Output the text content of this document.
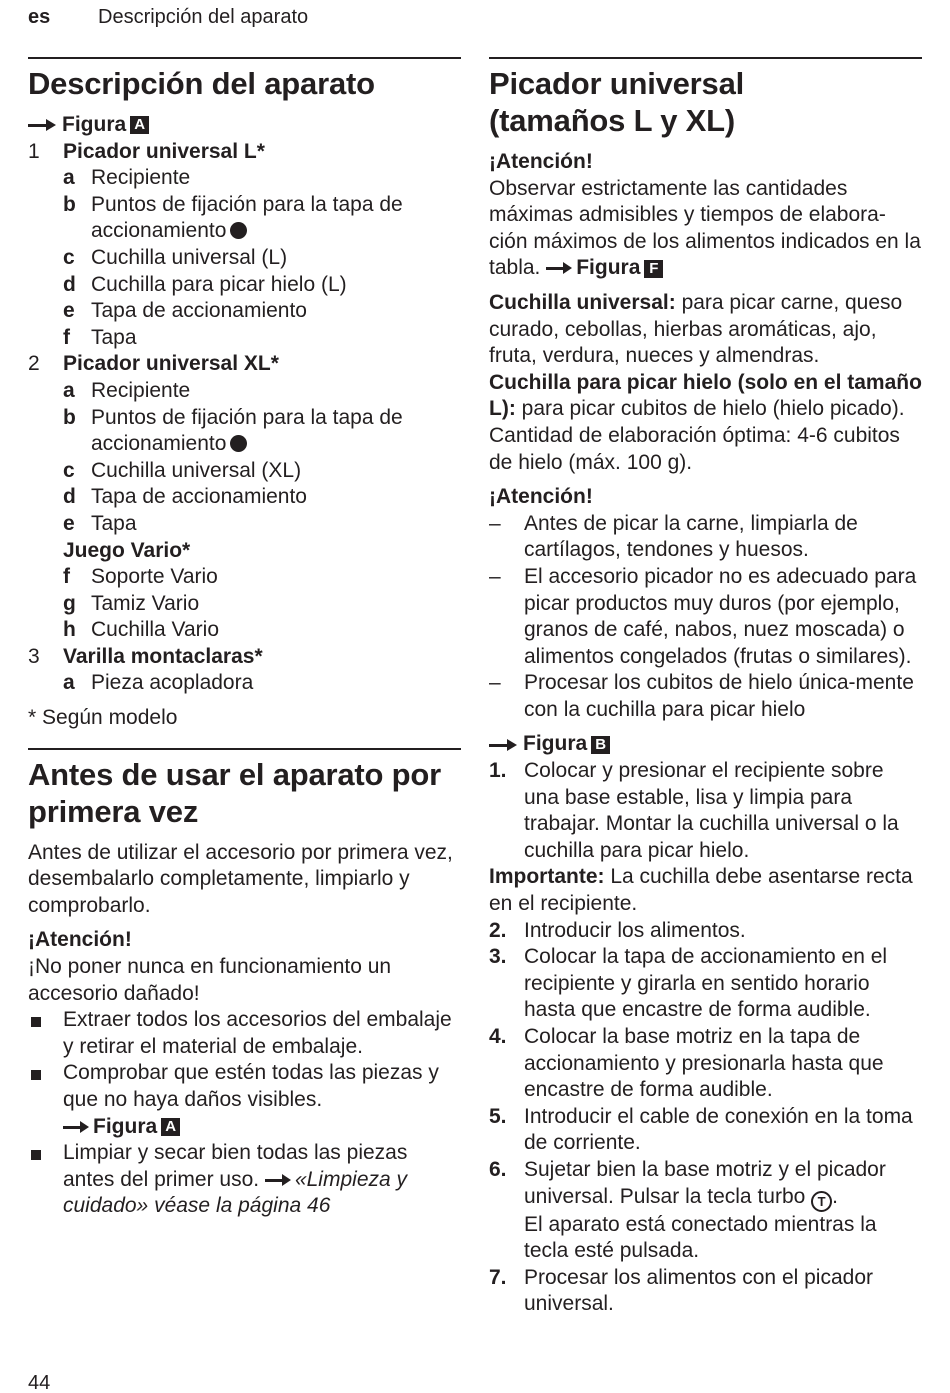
es Descripción del aparato
Descripción del aparato
Figura A
1	Picador universal L*
a Recipiente
b Puntos de fijación para la tapa de accionamiento
c Cuchilla universal (L)
d Cuchilla para picar hielo (L)
e Tapa de accionamiento
f	Tapa
2	Picador universal XL*
a Recipiente
b Puntos de fijación para la tapa de accionamiento
c Cuchilla universal (XL)
d Tapa de accionamiento
e Tapa
Juego Vario*
f	Soporte Vario
g Tamiz Vario
h Cuchilla Vario
3	Varilla montaclaras*
a Pieza acopladora
* Según modelo
Antes de usar el aparato por primera vez

Antes de utilizar el accesorio por primera vez, desembalarlo completamente, limpiarlo y comprobarlo.

¡Atención!

¡No poner nunca en funcionamiento un accesorio dañado!

Extraer todos los accesorios del embalaje y retirar el material de embalaje.
Comprobar que estén todas las piezas y que no haya daños visibles.
Figura A
Limpiar y secar bien todas las piezas antes del primer uso. «Limpieza y cuidado» véase la página 46
Picador universal
(tamaños L y XL)
¡Atención!

Observar estrictamente las cantidades máximas admisibles y tiempos de elabora-ción máximos de los alimentos indicados en la tabla. Figura F

Cuchilla universal: para picar carne, queso curado, cebollas, hierbas aromáticas, ajo, fruta, verdura, nueces y almendras.

Cuchilla para picar hielo (solo en el tamaño L): para picar cubitos de hielo (hielo picado). Cantidad de elaboración óptima: 4-6 cubitos de hielo (máx. 100 g).

¡Atención!
–	Antes de picar la carne, limpiarla de cartílagos, tendones y huesos.
–	El accesorio picador no es adecuado para picar productos muy duros (por ejemplo, granos de café, nabos, nuez moscada) o alimentos congelados (frutas o similares).
–	Procesar los cubitos de hielo única-mente con la cuchilla para picar hielo
Figura B
1. Colocar y presionar el recipiente sobre una base estable, lisa y limpia para trabajar. Montar la cuchilla universal o la cuchilla para picar hielo.

Importante: La cuchilla debe asentarse recta en el recipiente.

2. Introducir los alimentos.
3. Colocar la tapa de accionamiento en el recipiente y girarla en sentido horario hasta que encastre de forma audible.
4. Colocar la base motriz en la tapa de accionamiento y presionarla hasta que encastre de forma audible.
5. Introducir el cable de conexión en la toma de corriente.
6. Sujetar bien la base motriz y el picador universal. Pulsar la tecla turbo T .
El aparato está conectado mientras la tecla esté pulsada.
7. Procesar los alimentos con el picador universal.
44
